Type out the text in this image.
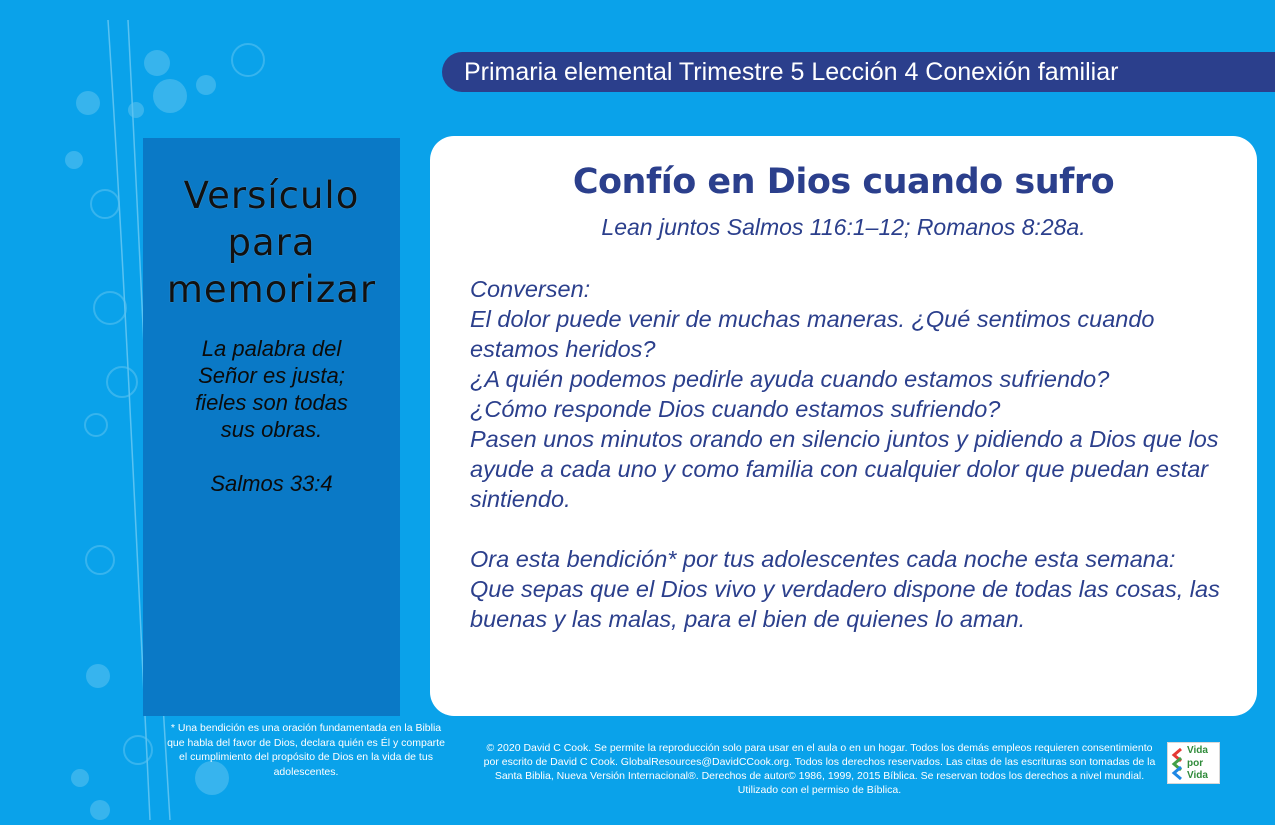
Primaria elemental Trimestre 5 Lección 4 Conexión familiar
Versículo
para
memorizar
La palabra del
Señor es justa;
fieles son todas
sus obras.
Salmos 33:4
Confío en Dios cuando sufro
Lean juntos Salmos 116:1–12; Romanos 8:28a.

Conversen:

El dolor puede venir de muchas maneras. ¿Qué sentimos cuando estamos heridos?

¿A quién podemos pedirle ayuda cuando estamos sufriendo?

¿Cómo responde Dios cuando estamos sufriendo?

Pasen unos minutos orando en silencio juntos y pidiendo a Dios que los ayude a cada uno y como familia con cualquier dolor que puedan estar sintiendo.

Ora esta bendición* por tus adolescentes cada noche esta semana:

Que sepas que el Dios vivo y verdadero dispone de todas las cosas, las buenas y las malas, para el bien de quienes lo aman.

* Una bendición es una oración fundamentada en la Biblia que habla del favor de Dios, declara quién es Él y comparte el cumplimiento del propósito de Dios en la vida de tus adolescentes.
© 2020 David C Cook. Se permite la reproducción solo para usar en el aula o en un hogar. Todos los demás empleos requieren consentimiento por escrito de David C Cook. GlobalResources@DavidCCook.org. Todos los derechos reservados. Las citas de las escrituras son tomadas de la Santa Biblia, Nueva Versión Internacional®. Derechos de autor© 1986, 1999, 2015 Bíblica. Se reservan todos los derechos a nivel mundial. Utilizado con el permiso de Bíblica.
Vida
por
Vida
